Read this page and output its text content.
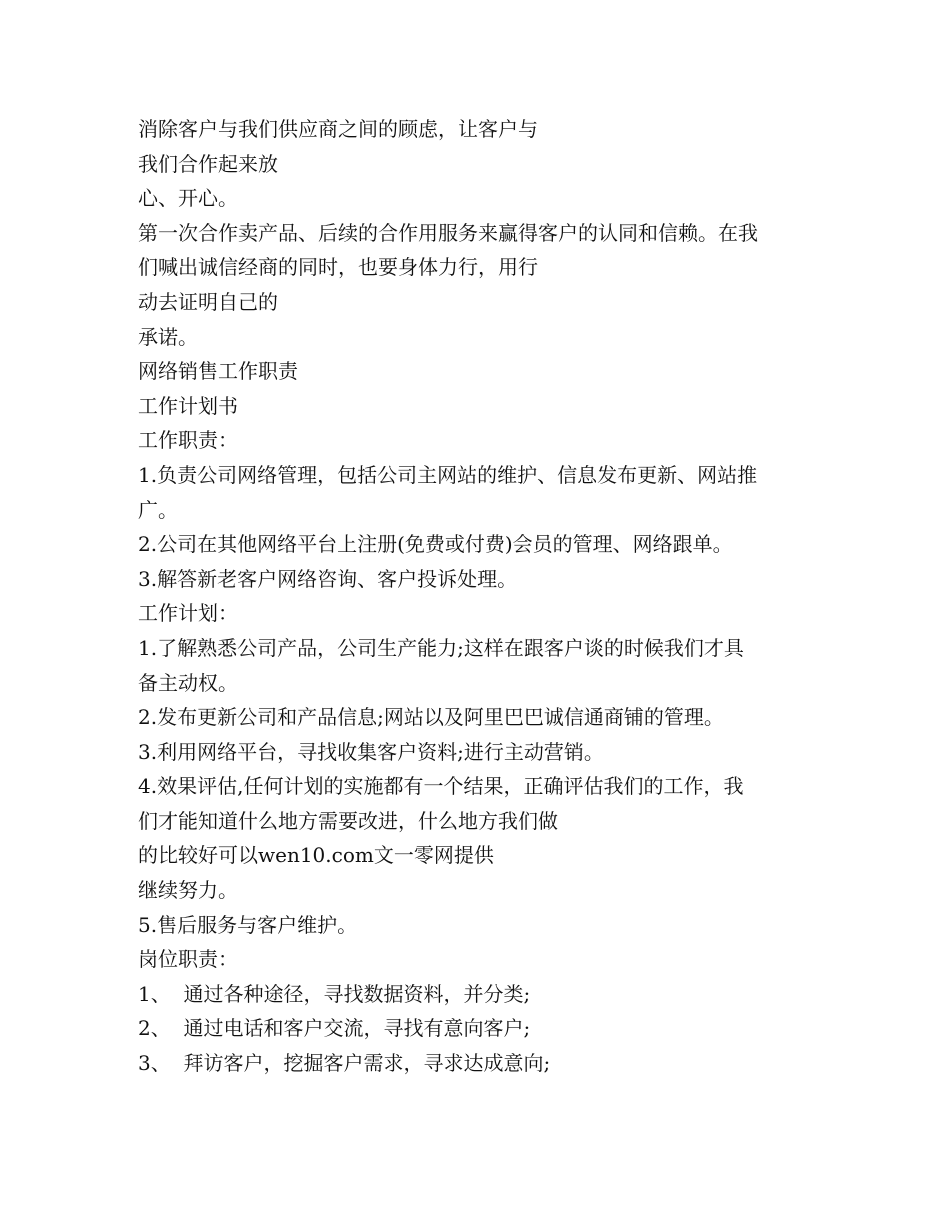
消除客户与我们供应商之间的顾虑，让客户与
我们合作起来放
心、开心。
第一次合作卖产品、后续的合作用服务来赢得客户的认同和信赖。在我
们喊出诚信经商的同时，也要身体力行，用行
动去证明自己的
承诺。
网络销售工作职责
工作计划书
工作职责：
1.负责公司网络管理，包括公司主网站的维护、信息发布更新、网站推
广。
2.公司在其他网络平台上注册(免费或付费)会员的管理、网络跟单。
3.解答新老客户网络咨询、客户投诉处理。
工作计划：
1.了解熟悉公司产品，公司生产能力;这样在跟客户谈的时候我们才具
备主动权。
2.发布更新公司和产品信息;网站以及阿里巴巴诚信通商铺的管理。
3.利用网络平台，寻找收集客户资料;进行主动营销。
4.效果评估,任何计划的实施都有一个结果，正确评估我们的工作，我
们才能知道什么地方需要改进，什么地方我们做
的比较好可以wen10.com文一零网提供
继续努力。
5.售后服务与客户维护。
岗位职责：
1、  通过各种途径，寻找数据资料，并分类;
2、  通过电话和客户交流，寻找有意向客户;
3、  拜访客户，挖掘客户需求，寻求达成意向;
